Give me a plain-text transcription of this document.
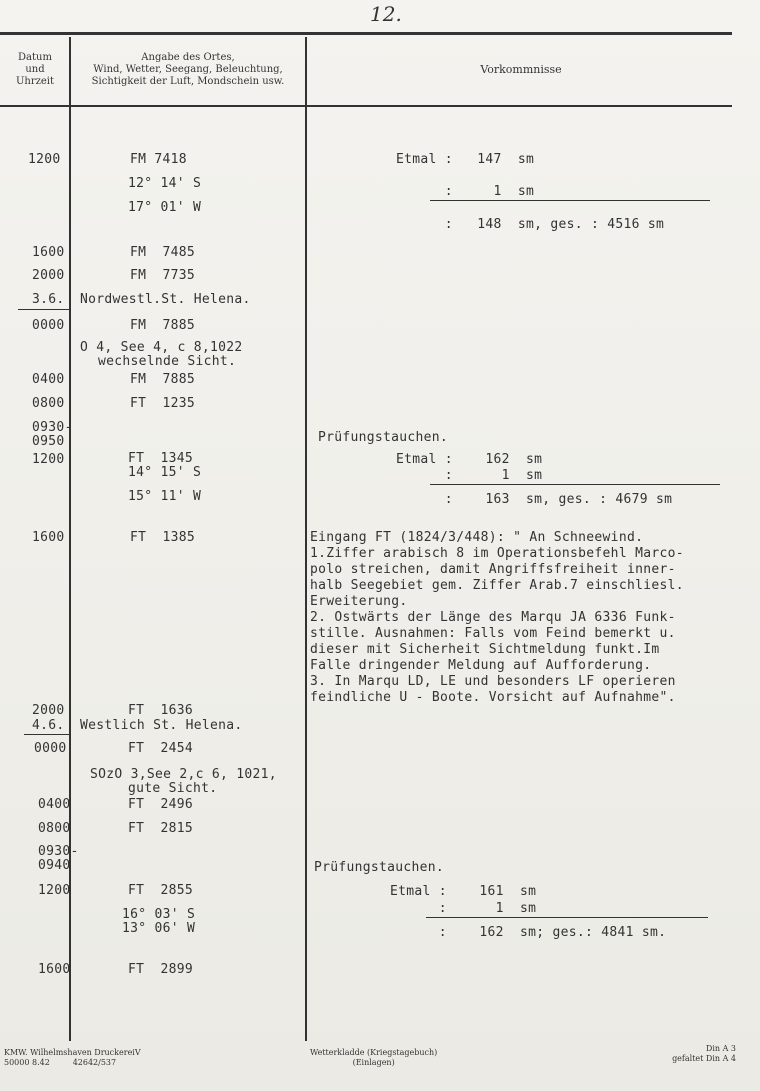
12.
Datum
und
Uhrzeit
Angabe des Ortes,
Wind, Wetter, Seegang, Beleuchtung,
Sichtigkeit der Luft, Mondschein usw.
Vorkommnisse
1200
1600
2000
3.6.
0000
0400
0800
0930-
0950
1200
1600
2000
4.6.
0000
0400
0800
0930-
0940
1200
1600
FM 7418
12° 14' S
17° 01' W
FM  7485
FM  7735
Nordwestl.St. Helena.
FM  7885
O 4, See 4, c 8,1022
wechselnde Sicht.
FM  7885
FT  1235
FT  1345
14° 15' S
15° 11' W
FT  1385
FT  1636
Westlich St. Helena.
FT  2454
SOzO 3,See 2,c 6, 1021,
gute Sicht.
FT  2496
FT  2815
FT  2855
16° 03' S
13° 06' W
FT  2899
Etmal :   147  sm
:     1  sm
:   148  sm, ges. : 4516 sm
Prüfungstauchen.
Etmal :    162  sm
:      1  sm
:    163  sm, ges. : 4679 sm
Eingang FT (1824/3/448): " An Schneewind.
1.Ziffer arabisch 8 im Operationsbefehl Marco-
polo streichen, damit Angriffsfreiheit inner-
halb Seegebiet gem. Ziffer Arab.7 einschliesl.
Erweiterung.
2. Ostwärts der Länge des Marqu JA 6336 Funk-
stille. Ausnahmen: Falls vom Feind bemerkt u.
dieser mit Sicherheit Sichtmeldung funkt.Im
Falle dringender Meldung auf Aufforderung.
3. In Marqu LD, LE und besonders LF operieren
feindliche U - Boote. Vorsicht auf Aufnahme".
Prüfungstauchen.
Etmal :    161  sm
:      1  sm
:    162  sm; ges.: 4841 sm.
KMW. Wilhelmshaven DruckereiV
50000 8.42         42642/537
Wetterkladde (Kriegstagebuch)
(Einlagen)
Din A 3
gefaltet Din A 4
